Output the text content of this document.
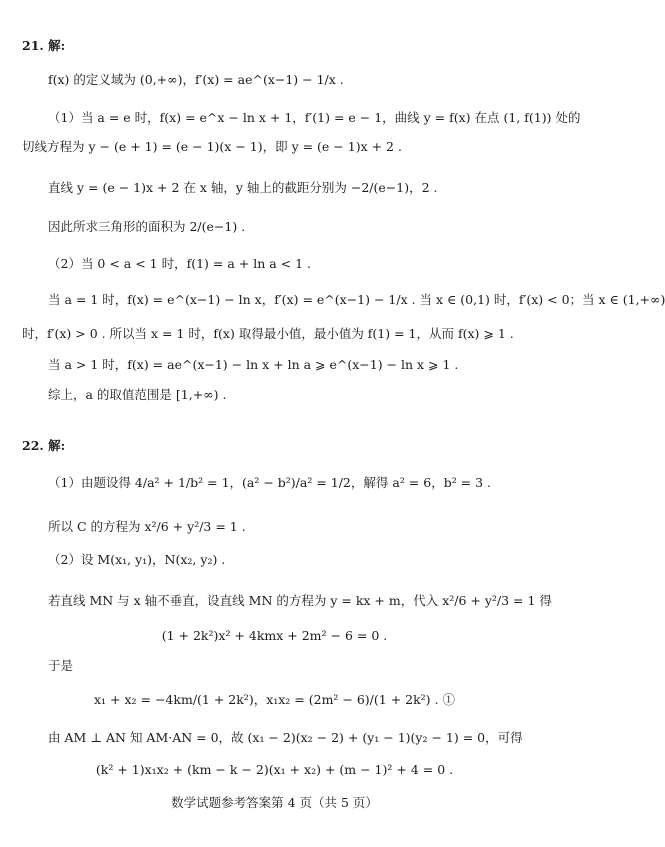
21. 解:
f(x) 的定义域为 (0,+∞)，f′(x) = ae^(x−1) − 1/x .
（1）当 a = e 时，f(x) = e^x − ln x + 1，f′(1) = e − 1，曲线 y = f(x) 在点 (1, f(1)) 处的
切线方程为 y − (e + 1) = (e − 1)(x − 1)，即 y = (e − 1)x + 2 .
直线 y = (e − 1)x + 2 在 x 轴，y 轴上的截距分别为 −2/(e−1)，2 .
因此所求三角形的面积为 2/(e−1) .
（2）当 0 < a < 1 时，f(1) = a + ln a < 1 .
当 a = 1 时，f(x) = e^(x−1) − ln x，f′(x) = e^(x−1) − 1/x . 当 x ∈ (0,1) 时，f′(x) < 0；当 x ∈ (1,+∞)
时，f′(x) > 0 . 所以当 x = 1 时，f(x) 取得最小值，最小值为 f(1) = 1，从而 f(x) ⩾ 1 .
当 a > 1 时，f(x) = ae^(x−1) − ln x + ln a ⩾ e^(x−1) − ln x ⩾ 1 .
综上，a 的取值范围是 [1,+∞) .
22. 解:
（1）由题设得 4/a² + 1/b² = 1，(a² − b²)/a² = 1/2，解得 a² = 6，b² = 3 .
所以 C 的方程为 x²/6 + y²/3 = 1 .
（2）设 M(x₁, y₁)，N(x₂, y₂) .
若直线 MN 与 x 轴不垂直，设直线 MN 的方程为 y = kx + m，代入 x²/6 + y²/3 = 1 得
(1 + 2k²)x² + 4kmx + 2m² − 6 = 0 .
于是
x₁ + x₂ = −4km/(1 + 2k²)，x₁x₂ = (2m² − 6)/(1 + 2k²) . ①
由 AM ⊥ AN 知 AM·AN = 0，故 (x₁ − 2)(x₂ − 2) + (y₁ − 1)(y₂ − 1) = 0，可得
(k² + 1)x₁x₂ + (km − k − 2)(x₁ + x₂) + (m − 1)² + 4 = 0 .
数学试题参考答案第 4 页（共 5 页）
